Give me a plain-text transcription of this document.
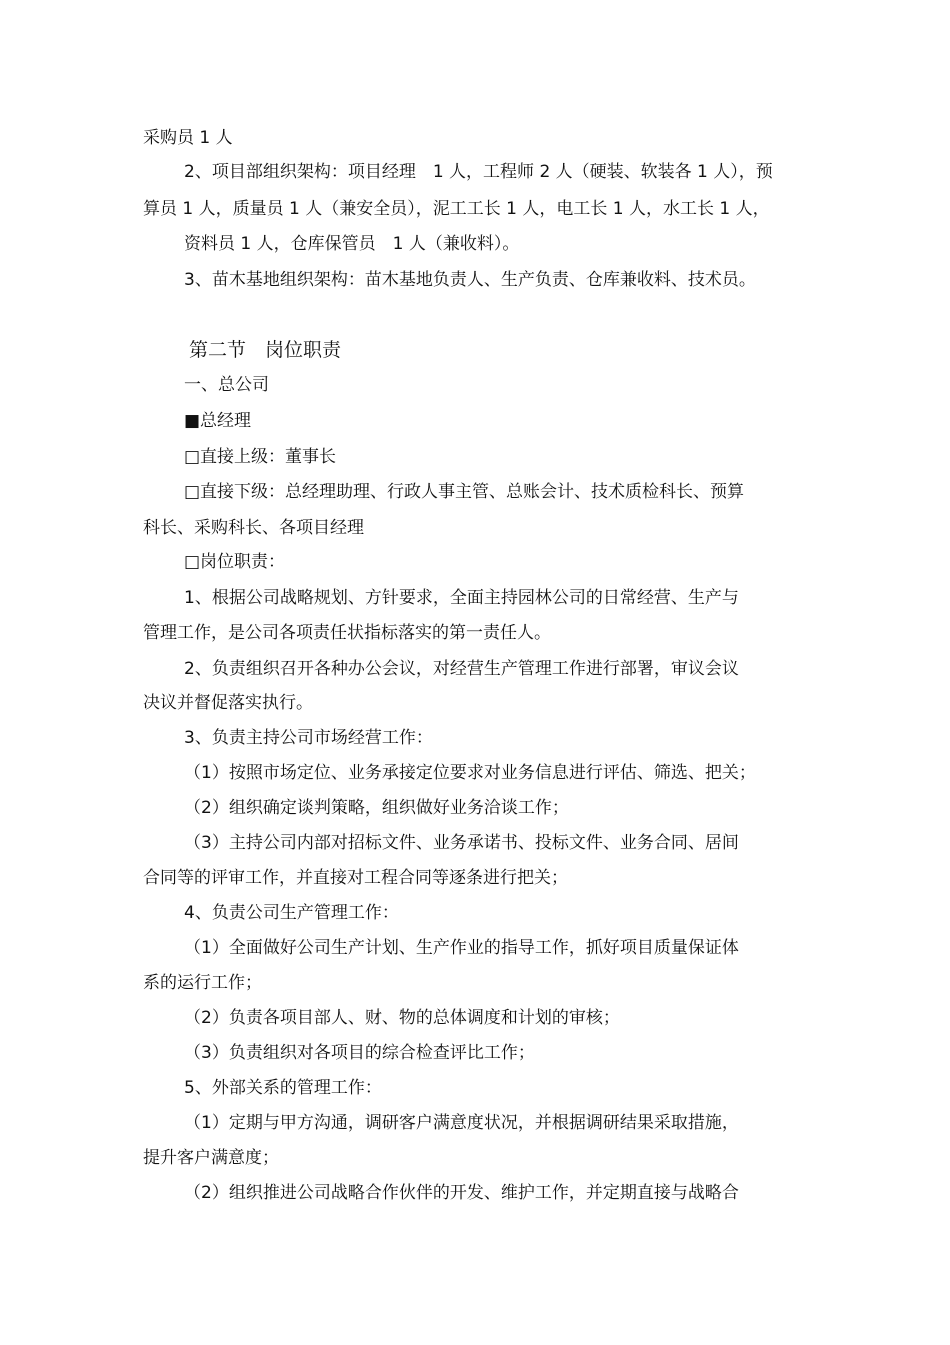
采购员 1 人

2、项目部组织架构：项目经理　1 人，工程师 2 人（硬装、软装各 1 人），预

算员 1 人，质量员 1 人（兼安全员），泥工工长 1 人，电工长 1 人，水工长 1 人，

资料员 1 人，仓库保管员　1 人（兼收料）。

3、苗木基地组织架构：苗木基地负责人、生产负责、仓库兼收料、技术员。

第二节　岗位职责

一、总公司

■总经理

□直接上级：董事长

□直接下级：总经理助理、行政人事主管、总账会计、技术质检科长、预算

科长、采购科长、各项目经理

□岗位职责：

1、根据公司战略规划、方针要求，全面主持园林公司的日常经营、生产与

管理工作，是公司各项责任状指标落实的第一责任人。

2、负责组织召开各种办公会议，对经营生产管理工作进行部署，审议会议

决议并督促落实执行。

3、负责主持公司市场经营工作：

（1）按照市场定位、业务承接定位要求对业务信息进行评估、筛选、把关；

（2）组织确定谈判策略，组织做好业务洽谈工作；

（3）主持公司内部对招标文件、业务承诺书、投标文件、业务合同、居间

合同等的评审工作，并直接对工程合同等逐条进行把关；

4、负责公司生产管理工作：

（1）全面做好公司生产计划、生产作业的指导工作，抓好项目质量保证体

系的运行工作；

（2）负责各项目部人、财、物的总体调度和计划的审核；

（3）负责组织对各项目的综合检查评比工作；

5、外部关系的管理工作：

（1）定期与甲方沟通，调研客户满意度状况，并根据调研结果采取措施，

提升客户满意度；

（2）组织推进公司战略合作伙伴的开发、维护工作，并定期直接与战略合
